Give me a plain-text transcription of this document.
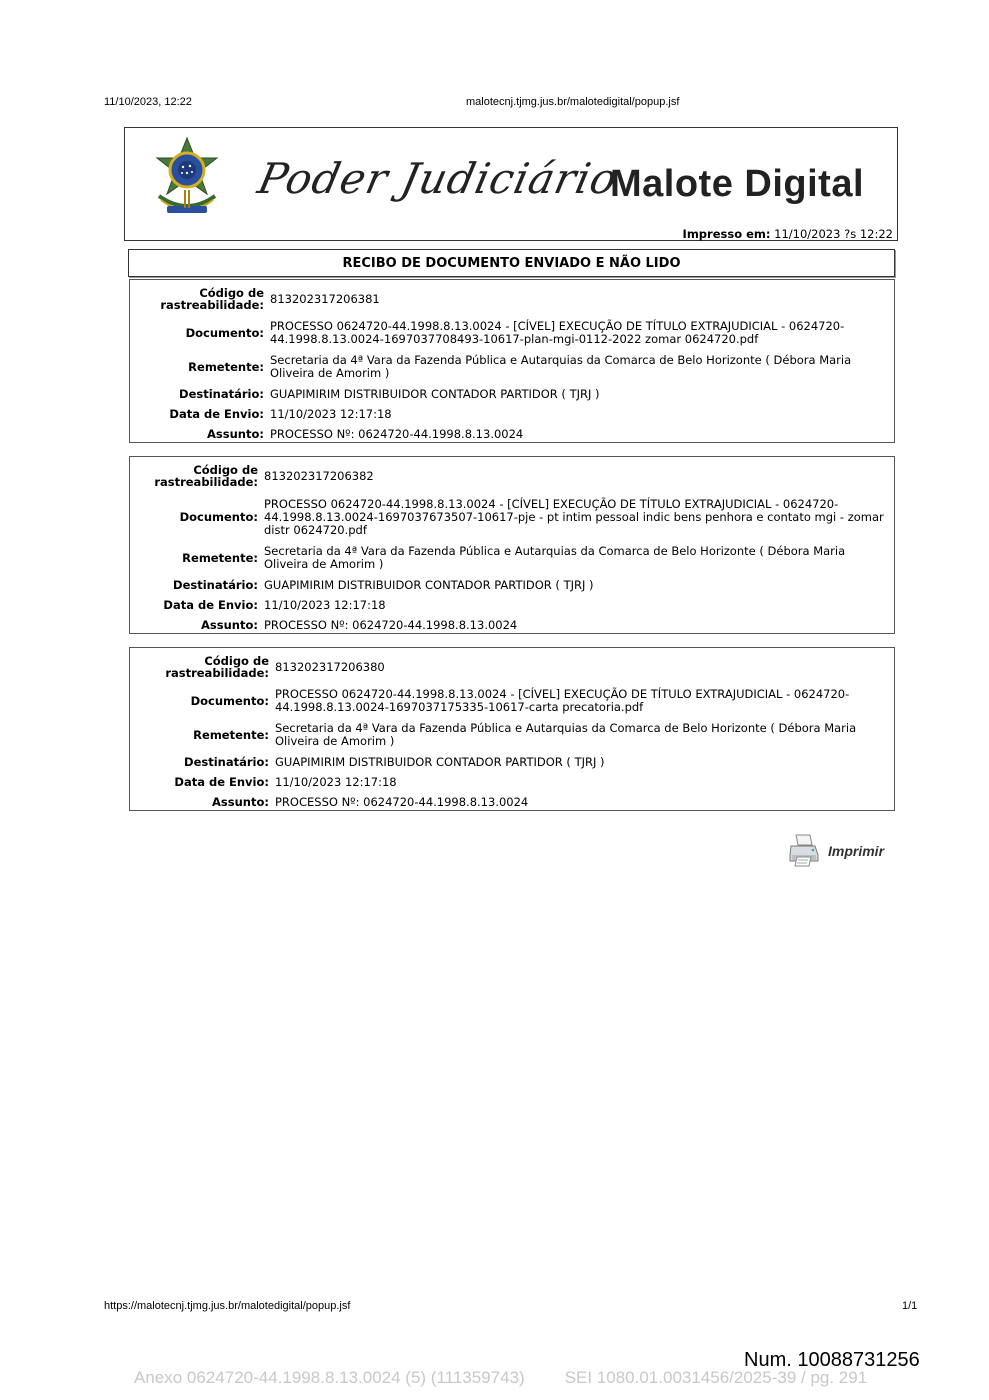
11/10/2023, 12:22	malotecnj.tjmg.jus.br/malotedigital/popup.jsf
Poder Judiciário
Malote Digital
Impresso em: 11/10/2023 ?s 12:22
RECIBO DE DOCUMENTO ENVIADO E NÃO LIDO
Código de
rastreabilidade:	813202317206381
Documento:	PROCESSO 0624720-44.1998.8.13.0024 - [CÍVEL] EXECUÇÃO DE TÍTULO EXTRAJUDICIAL - 0624720-44.1998.8.13.0024-1697037708493-10617-plan-mgi-0112-2022 zomar 0624720.pdf
Remetente:	Secretaria da 4ª Vara da Fazenda Pública e Autarquias da Comarca de Belo Horizonte ( Débora Maria Oliveira de Amorim )
Destinatário:	GUAPIMIRIM DISTRIBUIDOR CONTADOR PARTIDOR ( TJRJ )
Data de Envio:	11/10/2023 12:17:18
Assunto:	PROCESSO Nº: 0624720-44.1998.8.13.0024
Código de
rastreabilidade:	813202317206382
Documento:	PROCESSO 0624720-44.1998.8.13.0024 - [CÍVEL] EXECUÇÃO DE TÍTULO EXTRAJUDICIAL - 0624720-44.1998.8.13.0024-1697037673507-10617-pje - pt intim pessoal indic bens penhora e contato mgi - zomar distr 0624720.pdf
Remetente:	Secretaria da 4ª Vara da Fazenda Pública e Autarquias da Comarca de Belo Horizonte ( Débora Maria Oliveira de Amorim )
Destinatário:	GUAPIMIRIM DISTRIBUIDOR CONTADOR PARTIDOR ( TJRJ )
Data de Envio:	11/10/2023 12:17:18
Assunto:	PROCESSO Nº: 0624720-44.1998.8.13.0024
Código de
rastreabilidade:	813202317206380
Documento:	PROCESSO 0624720-44.1998.8.13.0024 - [CÍVEL] EXECUÇÃO DE TÍTULO EXTRAJUDICIAL - 0624720-44.1998.8.13.0024-1697037175335-10617-carta precatoria.pdf
Remetente:	Secretaria da 4ª Vara da Fazenda Pública e Autarquias da Comarca de Belo Horizonte ( Débora Maria Oliveira de Amorim )
Destinatário:	GUAPIMIRIM DISTRIBUIDOR CONTADOR PARTIDOR ( TJRJ )
Data de Envio:	11/10/2023 12:17:18
Assunto:	PROCESSO Nº: 0624720-44.1998.8.13.0024
Imprimir
https://malotecnj.tjmg.jus.br/malotedigital/popup.jsf	1/1
Num. 10088731256
Anexo 0624720-44.1998.8.13.0024 (5) (111359743) SEI 1080.01.0031456/2025-39 / pg. 291
